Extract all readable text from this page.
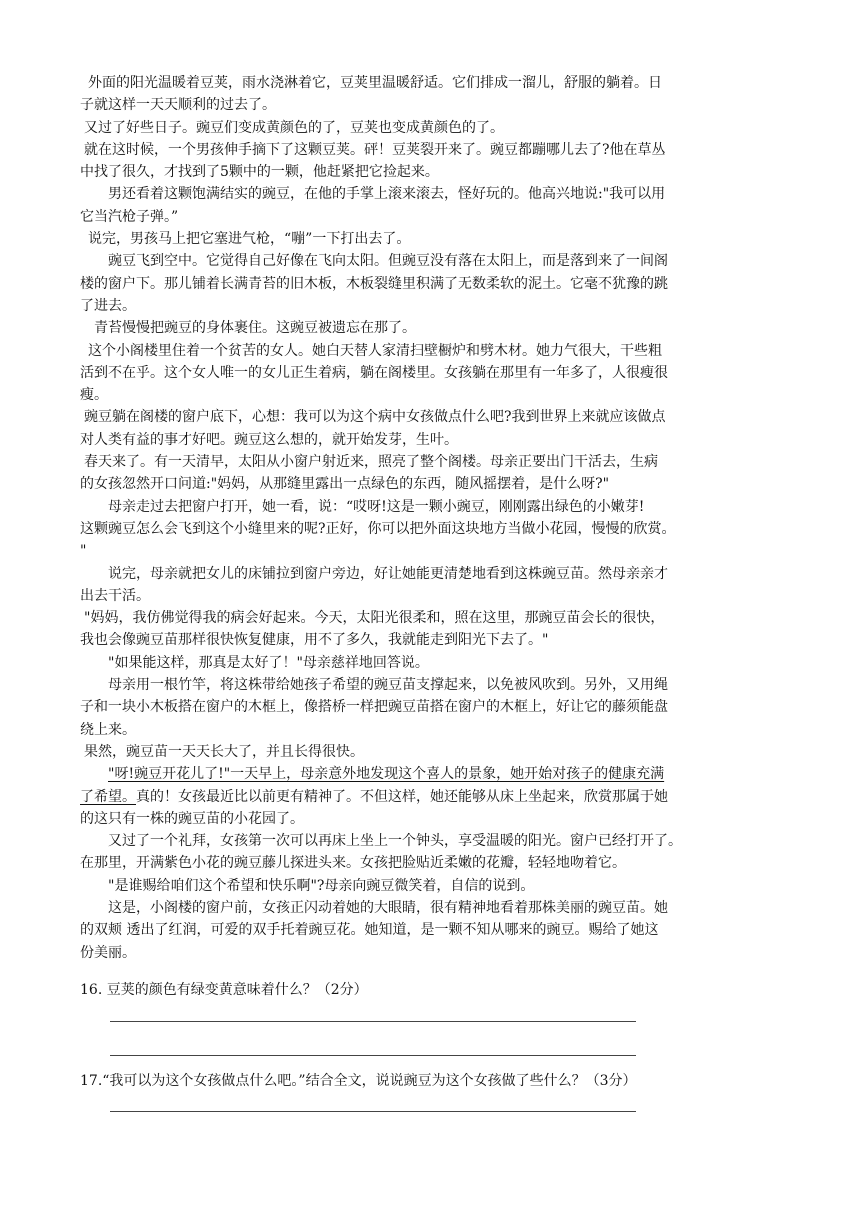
外面的阳光温暖着豆荚，雨水浇淋着它，豆荚里温暖舒适。它们排成一溜儿，舒服的躺着。日
子就这样一天天顺利的过去了。
又过了好些日子。豌豆们变成黄颜色的了，豆荚也变成黄颜色的了。
就在这时候，一个男孩伸手摘下了这颗豆荚。砰！豆荚裂开来了。豌豆都蹦哪儿去了?他在草丛
中找了很久，才找到了5颗中的一颗，他赶紧把它捡起来。
男还看着这颗饱满结实的豌豆，在他的手掌上滚来滚去，怪好玩的。他高兴地说:"我可以用
它当汽枪子弹。”
说完，男孩马上把它塞进气枪，“嘣”一下打出去了。
豌豆飞到空中。它觉得自己好像在飞向太阳。但豌豆没有落在太阳上，而是落到来了一间阁
楼的窗户下。那儿铺着长满青苔的旧木板，木板裂缝里积满了无数柔软的泥土。它毫不犹豫的跳
了进去。
青苔慢慢把豌豆的身体裹住。这豌豆被遗忘在那了。
这个小阁楼里住着一个贫苦的女人。她白天替人家清扫壁橱炉和劈木材。她力气很大，干些粗
活到不在乎。这个女人唯一的女儿正生着病，躺在阁楼里。女孩躺在那里有一年多了，人很瘦很
瘦。
豌豆躺在阁楼的窗户底下，心想：我可以为这个病中女孩做点什么吧?我到世界上来就应该做点
对人类有益的事才好吧。豌豆这么想的，就开始发芽，生叶。
春天来了。有一天清早，太阳从小窗户射近来，照亮了整个阁楼。母亲正要出门干活去，生病
的女孩忽然开口问道:"妈妈，从那缝里露出一点绿色的东西，随风摇摆着，是什么呀?"
母亲走过去把窗户打开，她一看，说：“哎呀!这是一颗小豌豆，刚刚露出绿色的小嫩芽!
这颗豌豆怎么会飞到这个小缝里来的呢?正好，你可以把外面这块地方当做小花园，慢慢的欣赏。
"
说完，母亲就把女儿的床铺拉到窗户旁边，好让她能更清楚地看到这株豌豆苗。然母亲亲才
出去干活。
"妈妈，我仿佛觉得我的病会好起来。今天，太阳光很柔和，照在这里，那豌豆苗会长的很快，
我也会像豌豆苗那样很快恢复健康，用不了多久，我就能走到阳光下去了。"
"如果能这样，那真是太好了！"母亲慈祥地回答说。
母亲用一根竹竿，将这株带给她孩子希望的豌豆苗支撑起来，以免被风吹到。另外，又用绳
子和一块小木板搭在窗户的木框上，像搭桥一样把豌豆苗搭在窗户的木框上，好让它的藤须能盘
绕上来。
果然，豌豆苗一天天长大了，并且长得很快。
"呀!豌豆开花儿了!"一天早上，母亲意外地发现这个喜人的景象，她开始对孩子的健康充满
了希望。真的！女孩最近比以前更有精神了。不但这样，她还能够从床上坐起来，欣赏那属于她
的这只有一株的豌豆苗的小花园了。
又过了一个礼拜，女孩第一次可以再床上坐上一个钟头，享受温暖的阳光。窗户已经打开了。
在那里，开满紫色小花的豌豆藤儿探进头来。女孩把脸贴近柔嫩的花瓣，轻轻地吻着它。
"是谁赐给咱们这个希望和快乐啊"?母亲向豌豆微笑着，自信的说到。
这是，小阁楼的窗户前，女孩正闪动着她的大眼睛，很有精神地看着那株美丽的豌豆苗。她
的双颊 透出了红润，可爱的双手托着豌豆花。她知道，是一颗不知从哪来的豌豆。赐给了她这
份美丽。
16. 豆荚的颜色有绿变黄意味着什么？（2分）
17.“我可以为这个女孩做点什么吧。”结合全文，说说豌豆为这个女孩做了些什么？（3分）
